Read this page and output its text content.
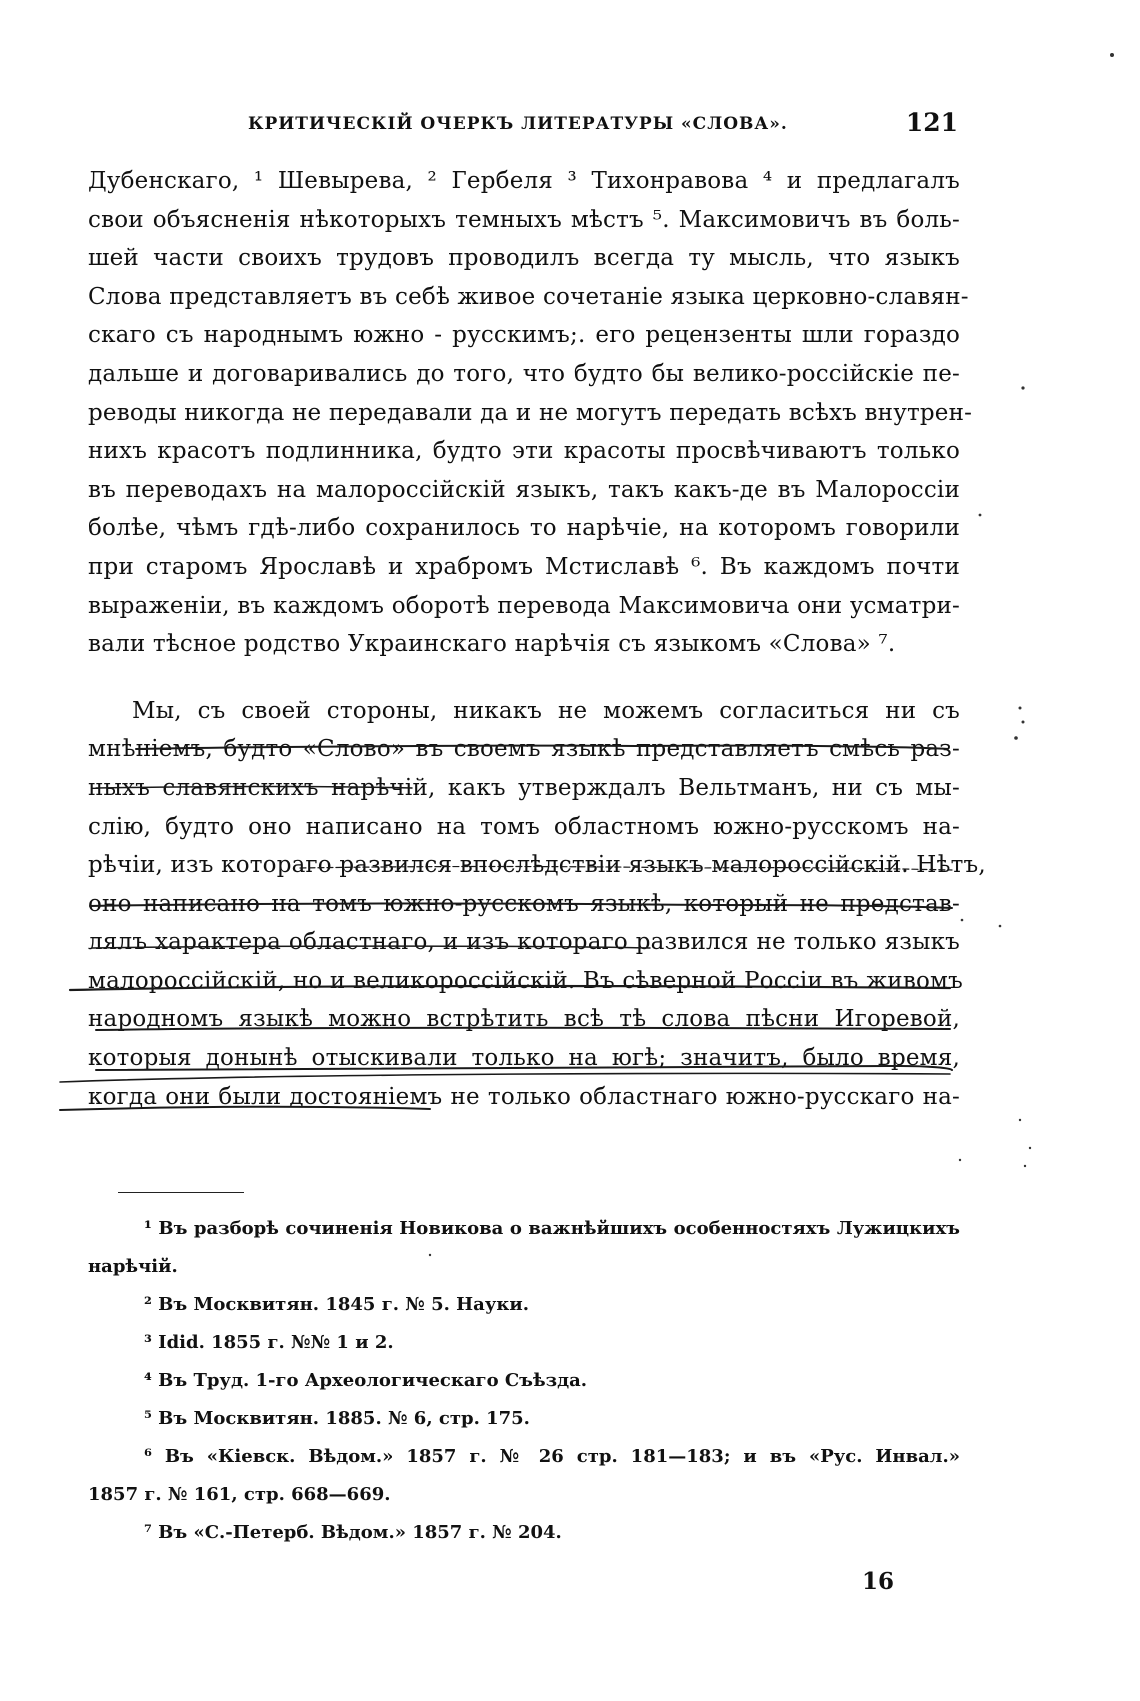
КРИТИЧЕСКІЙ ОЧЕРКЪ ЛИТЕРАТУРЫ «СЛОВА».	121
Дубенскаго, ¹ Шевырева, ² Гербеля ³ Тихонравова ⁴ и предлагалъ
свои объясненія нѣкоторыхъ темныхъ мѣстъ ⁵. Максимовичъ въ боль-
шей части своихъ трудовъ проводилъ всегда ту мысль, что языкъ
Слова представляетъ въ себѣ живое сочетаніе языка церковно-славян-
скаго съ народнымъ южно - русскимъ;. его рецензенты шли гораздо
дальше и договаривались до того, что будто бы велико-россійскіе пе-
реводы никогда не передавали да и не могутъ передать всѣхъ внутрен-
нихъ красотъ подлинника, будто эти красоты просвѣчиваютъ только
въ переводахъ на малороссійскій языкъ, такъ какъ-де въ Малороссіи
болѣе, чѣмъ гдѣ-либо сохранилось то нарѣчіе, на которомъ говорили
при старомъ Ярославѣ и храбромъ Мстиславѣ ⁶. Въ каждомъ почти
выраженіи, въ каждомъ оборотѣ перевода Максимовича они усматри-
вали тѣсное родство Украинскаго нарѣчія съ языкомъ «Слова» ⁷.
Мы, съ своей стороны, никакъ не можемъ согласиться ни съ
мнѣніемъ, будто «Слово» въ своемъ языкѣ представляетъ смѣсь раз-
ныхъ славянскихъ нарѣчій, какъ утверждалъ Вельтманъ, ни съ мы-
слію, будто оно написано на томъ областномъ южно-русскомъ на-
рѣчіи, изъ котораго развился впослѣдствіи языкъ малороссійскій. Нѣтъ,
оно написано на томъ южно-русскомъ языкѣ, который не представ-
лялъ характера областнаго, и изъ котораго развился не только языкъ
малороссійскій, но и великороссійскій. Въ сѣверной Россіи въ живомъ
народномъ языкѣ можно встрѣтить всѣ тѣ слова пѣсни Игоревой,
которыя донынѣ отыскивали только на югѣ; значитъ, было время,
когда они были достояніемъ не только областнаго южно-русскаго на-
¹ Въ разборѣ сочиненія Новикова о важнѣйшихъ особенностяхъ Лужицкихъ
нарѣчій.
² Въ Москвитян. 1845 г. № 5. Науки.
³ Idid. 1855 г. №№ 1 и 2.
⁴ Въ Труд. 1-го Археологическаго Съѣзда.
⁵ Въ Москвитян. 1885. № 6, стр. 175.
⁶ Въ «Кіевск. Вѣдом.» 1857 г. № 26 стр. 181—183; и въ «Рус. Инвал.»
1857 г. № 161, стр. 668—669.
⁷ Въ «С.-Петерб. Вѣдом.» 1857 г. № 204.
16
